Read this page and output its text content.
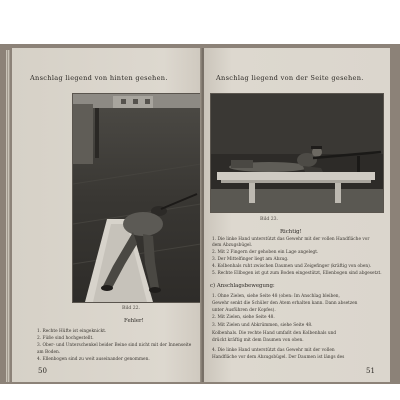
Anschlag liegend von hinten gesehen.
Bild 22.
Fehler!
1. Rechte Hüfte ist eingeknickt.
2. Füße sind hochgestellt.
3. Ober- und Unterschenkel beider Beine sind nicht mit der Innenseite
am Boden.
4. Ellenbogen sind zu weit auseinander genommen.
50
Anschlag liegend von der Seite gesehen.
Bild 23.
Richtig!
1. Die linke Hand unterstützt das Gewehr mit der vollen Handfläche vor
dem Abzugsbügel.
2. Mit 2 Fingern der gehoben ein Lage angelegt.
3. Der Mittelfinger liegt am Abzug.
4. Kolbenhals ruht zwischen Daumen und Zeigefinger (kräftig von oben).
5. Rechte Ellbogen ist gut zum Boden eingestützt, Ellenbogen sind abgesetzt.
c) Anschlagsbewegung:
1. Ohne Zielen, siehe Seite 48 (oben: Im Anschlag bleiben,
Gewehr senkt die Schüler den Atem erhalten kann. Dann absetzen
unter Ausführen der Kopfes).
2. Mit Zielen, siehe Seite 48.
3. Mit Zielen und Abkrümmen, siehe Seite 48.
Kolbenhals. Die rechte Hand umfaßt den Kolbenhals und
drückt kräftig mit dem Daumen von oben.
4. Die linke Hand unterstützt das Gewehr mit der vollen
Handfläche vor dem Abzugsbügel. Der Daumen ist längs des
51
